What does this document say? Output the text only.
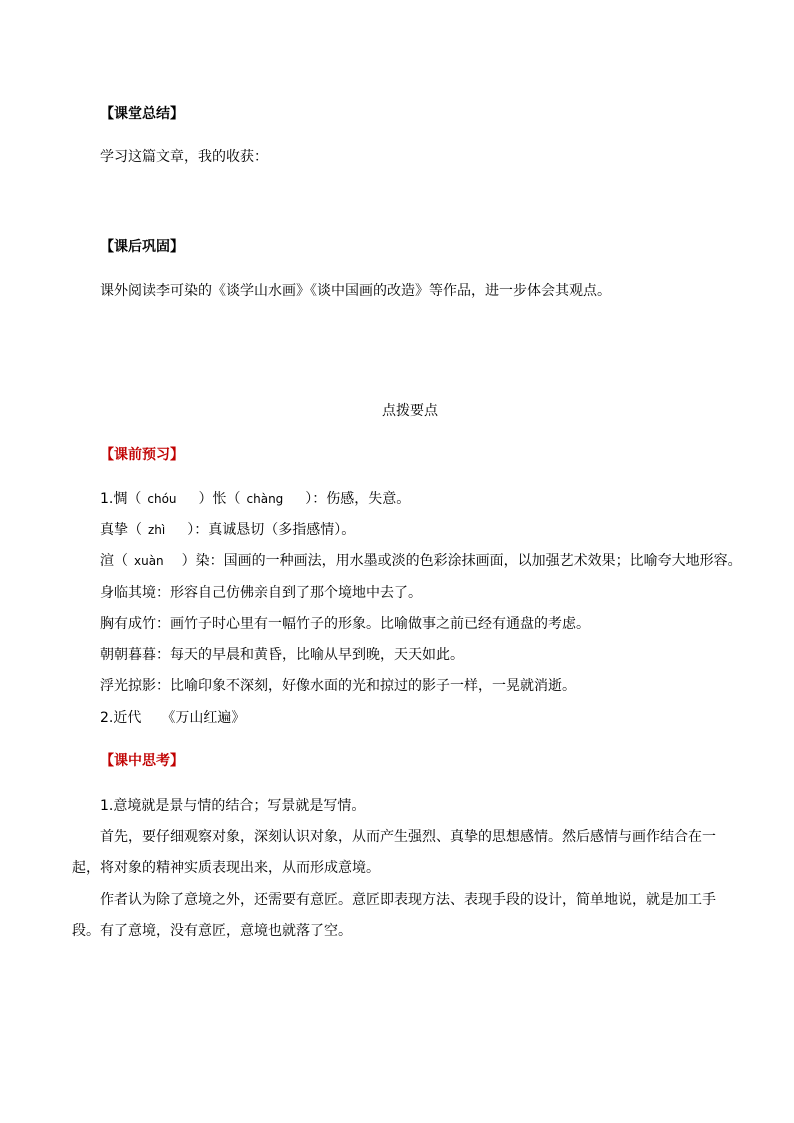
【课堂总结】
学习这篇文章，我的收获：
【课后巩固】
课外阅读李可染的《谈学山水画》《谈中国画的改造》等作品，进一步体会其观点。
点拨要点
【课前预习】
1.惆（ chóu ）怅（ chàng ）：伤感，失意。
真挚（ zhì ）：真诚恳切（多指感情）。
渲（ xuàn ）染：国画的一种画法，用水墨或淡的色彩涂抹画面，以加强艺术效果；比喻夸大地形容。
身临其境：形容自己仿佛亲自到了那个境地中去了。
胸有成竹：画竹子时心里有一幅竹子的形象。比喻做事之前已经有通盘的考虑。
朝朝暮暮：每天的早晨和黄昏，比喻从早到晚，天天如此。
浮光掠影：比喻印象不深刻，好像水面的光和掠过的影子一样，一晃就消逝。
2.近代 《万山红遍》
【课中思考】
1.意境就是景与情的结合；写景就是写情。
首先，要仔细观察对象，深刻认识对象，从而产生强烈、真挚的思想感情。然后感情与画作结合在一
起，将对象的精神实质表现出来，从而形成意境。
作者认为除了意境之外，还需要有意匠。意匠即表现方法、表现手段的设计，简单地说，就是加工手
段。有了意境，没有意匠，意境也就落了空。
